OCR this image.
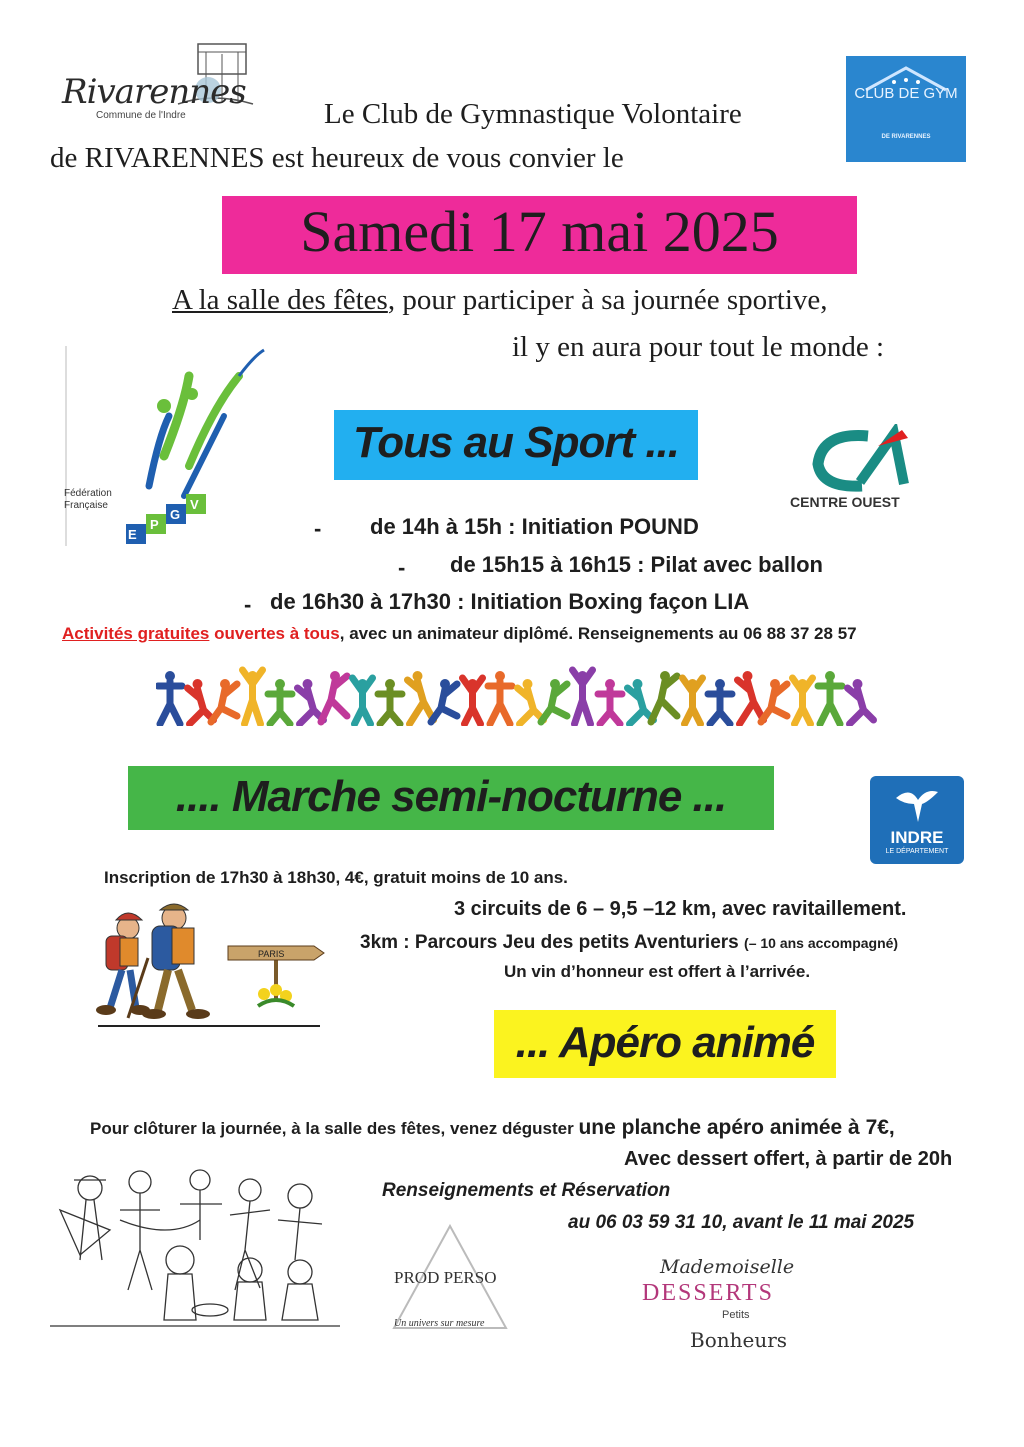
Rivarennes
Commune de l'Indre
CLUB DE GYM
DE RIVARENNES
Le Club de Gymnastique Volontaire
de RIVARENNES est heureux de vous convier le
Samedi 17 mai 2025
A la salle des fêtes, pour participer à sa journée sportive,
il y en aura pour tout le monde :
E
P
G
V
Fédération
Française
Tous au Sport ...
CENTRE OUEST
- de 14h à 15h : Initiation POUND
- de 15h15 à 16h15 : Pilat avec ballon
- de 16h30 à 17h30 : Initiation Boxing façon LIA
Activités gratuites ouvertes à tous, avec un animateur diplômé. Renseignements au 06 88 37 28 57
.... Marche semi-nocturne ...
INDRE
LE DÉPARTEMENT
Inscription de 17h30 à 18h30, 4€, gratuit moins de 10 ans.
3 circuits de 6 – 9,5 –12 km, avec ravitaillement.
3km : Parcours Jeu des petits Aventuriers (– 10 ans accompagné)
Un vin d’honneur est offert à l’arrivée.
PARIS
... Apéro animé
Pour clôturer la journée, à la salle des fêtes, venez déguster une planche apéro animée à 7€,
Avec dessert offert, à partir de 20h
Renseignements et Réservation
au 06 03 59 31 10, avant le 11 mai 2025
PROD PERSO
Un univers sur mesure
Mademoiselle
DESSERTS
Petits
Bonheurs
